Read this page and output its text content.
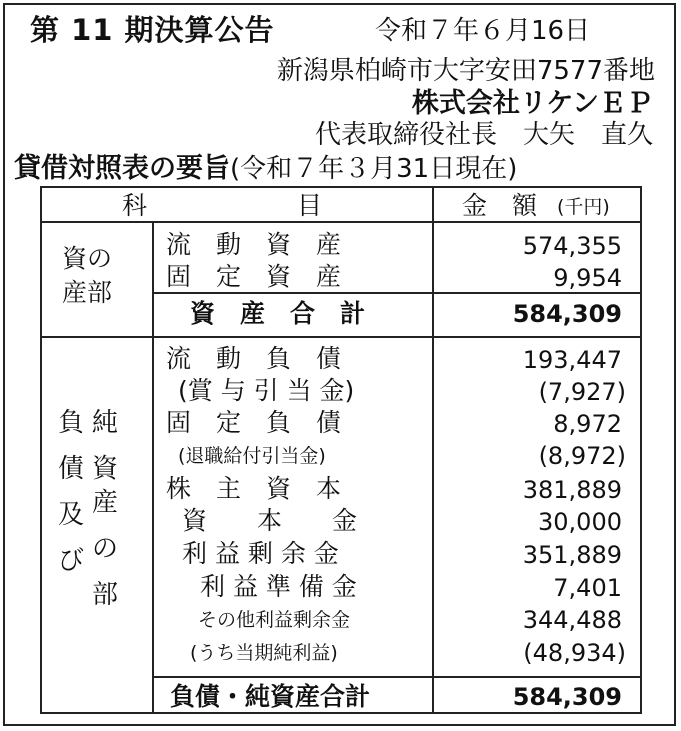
第 11 期決算公告	令和７年６月16日
新潟県柏崎市大字安田7577番地
株式会社リケンＥＰ
代表取締役社長　大矢　直久
貸借対照表の要旨(令和７年３月31日現在)
科　　　　　　目	金　額 (千円)
資の
産部
流　動　資　産	574,355
固　定　資　産	9,954
資　産　合　計	584,309
負
債
及
び
純
資
産
の
部
流　動　負　債	193,447
(賞 与 引 当 金)	(7,927)
固　定　負　債	8,972
(退職給付引当金)	(8,972)
株　主　資　本	381,889
資　　本　　金	30,000
利 益 剰 余 金	351,889
利 益 準 備 金	7,401
その他利益剰余金	344,488
(うち当期純利益)	(48,934)
負債・純資産合計	584,309
